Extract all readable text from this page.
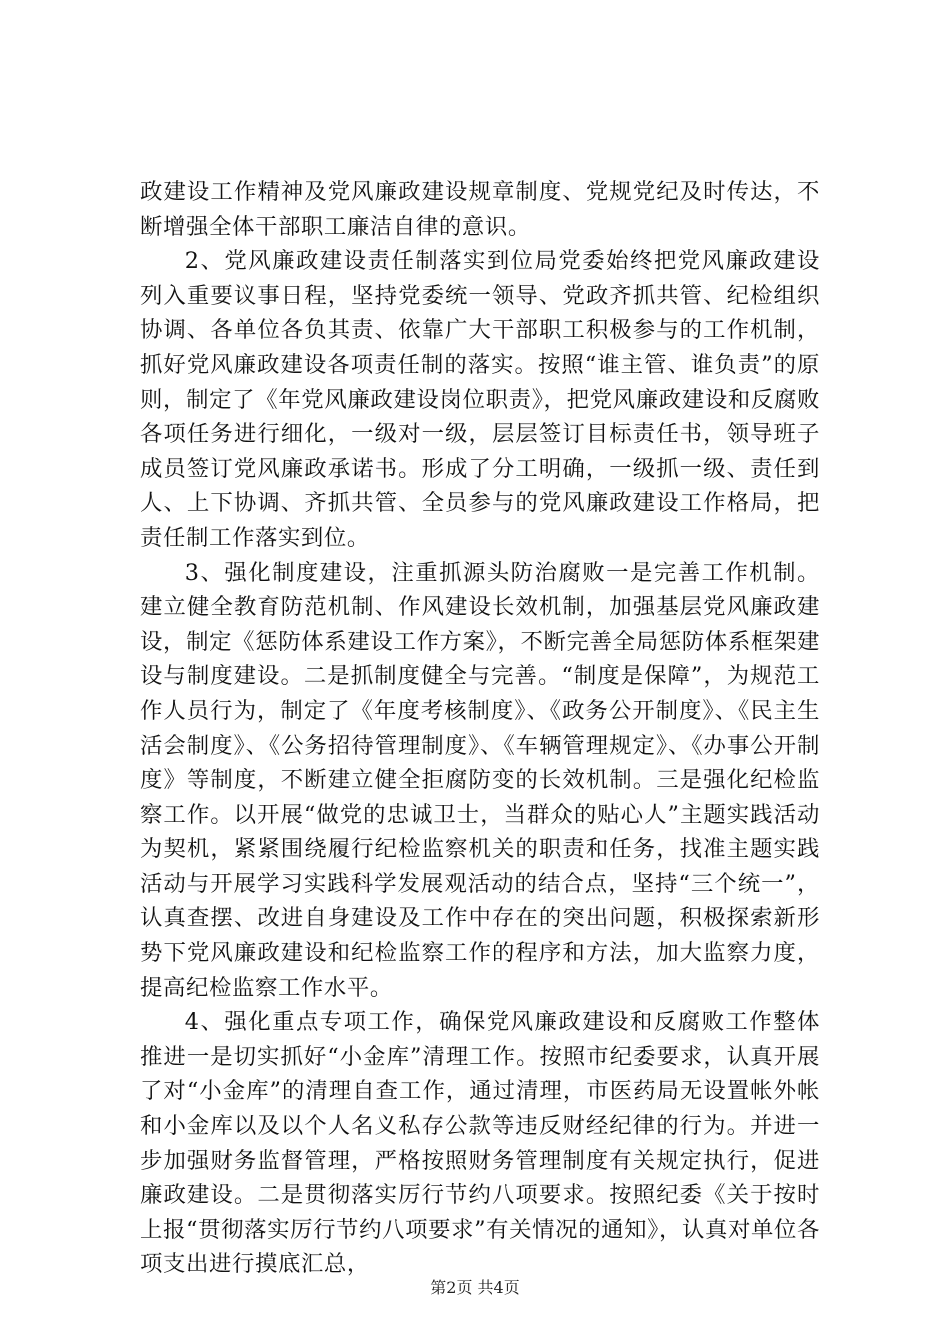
政建设工作精神及党风廉政建设规章制度、党规党纪及时传达，不断增强全体干部职工廉洁自律的意识。

2、党风廉政建设责任制落实到位局党委始终把党风廉政建设列入重要议事日程，坚持党委统一领导、党政齐抓共管、纪检组织协调、各单位各负其责、依靠广大干部职工积极参与的工作机制，抓好党风廉政建设各项责任制的落实。按照“谁主管、谁负责”的原则，制定了《年党风廉政建设岗位职责》，把党风廉政建设和反腐败各项任务进行细化，一级对一级，层层签订目标责任书，领导班子成员签订党风廉政承诺书。形成了分工明确，一级抓一级、责任到人、上下协调、齐抓共管、全员参与的党风廉政建设工作格局，把责任制工作落实到位。

3、强化制度建设，注重抓源头防治腐败一是完善工作机制。建立健全教育防范机制、作风建设长效机制，加强基层党风廉政建设，制定《惩防体系建设工作方案》，不断完善全局惩防体系框架建设与制度建设。二是抓制度健全与完善。“制度是保障”，为规范工作人员行为，制定了《年度考核制度》、《政务公开制度》、《民主生活会制度》、《公务招待管理制度》、《车辆管理规定》、《办事公开制度》等制度，不断建立健全拒腐防变的长效机制。三是强化纪检监察工作。以开展“做党的忠诚卫士，当群众的贴心人”主题实践活动为契机，紧紧围绕履行纪检监察机关的职责和任务，找准主题实践活动与开展学习实践科学发展观活动的结合点，坚持“三个统一”，认真查摆、改进自身建设及工作中存在的突出问题，积极探索新形势下党风廉政建设和纪检监察工作的程序和方法，加大监察力度，提高纪检监察工作水平。

4、强化重点专项工作，确保党风廉政建设和反腐败工作整体推进一是切实抓好“小金库”清理工作。按照市纪委要求，认真开展了对“小金库”的清理自查工作，通过清理，市医药局无设置帐外帐和小金库以及以个人名义私存公款等违反财经纪律的行为。并进一步加强财务监督管理，严格按照财务管理制度有关规定执行，促进廉政建设。二是贯彻落实厉行节约八项要求。按照纪委《关于按时上报“贯彻落实厉行节约八项要求”有关情况的通知》，认真对单位各项支出进行摸底汇总，

第2页 共4页
